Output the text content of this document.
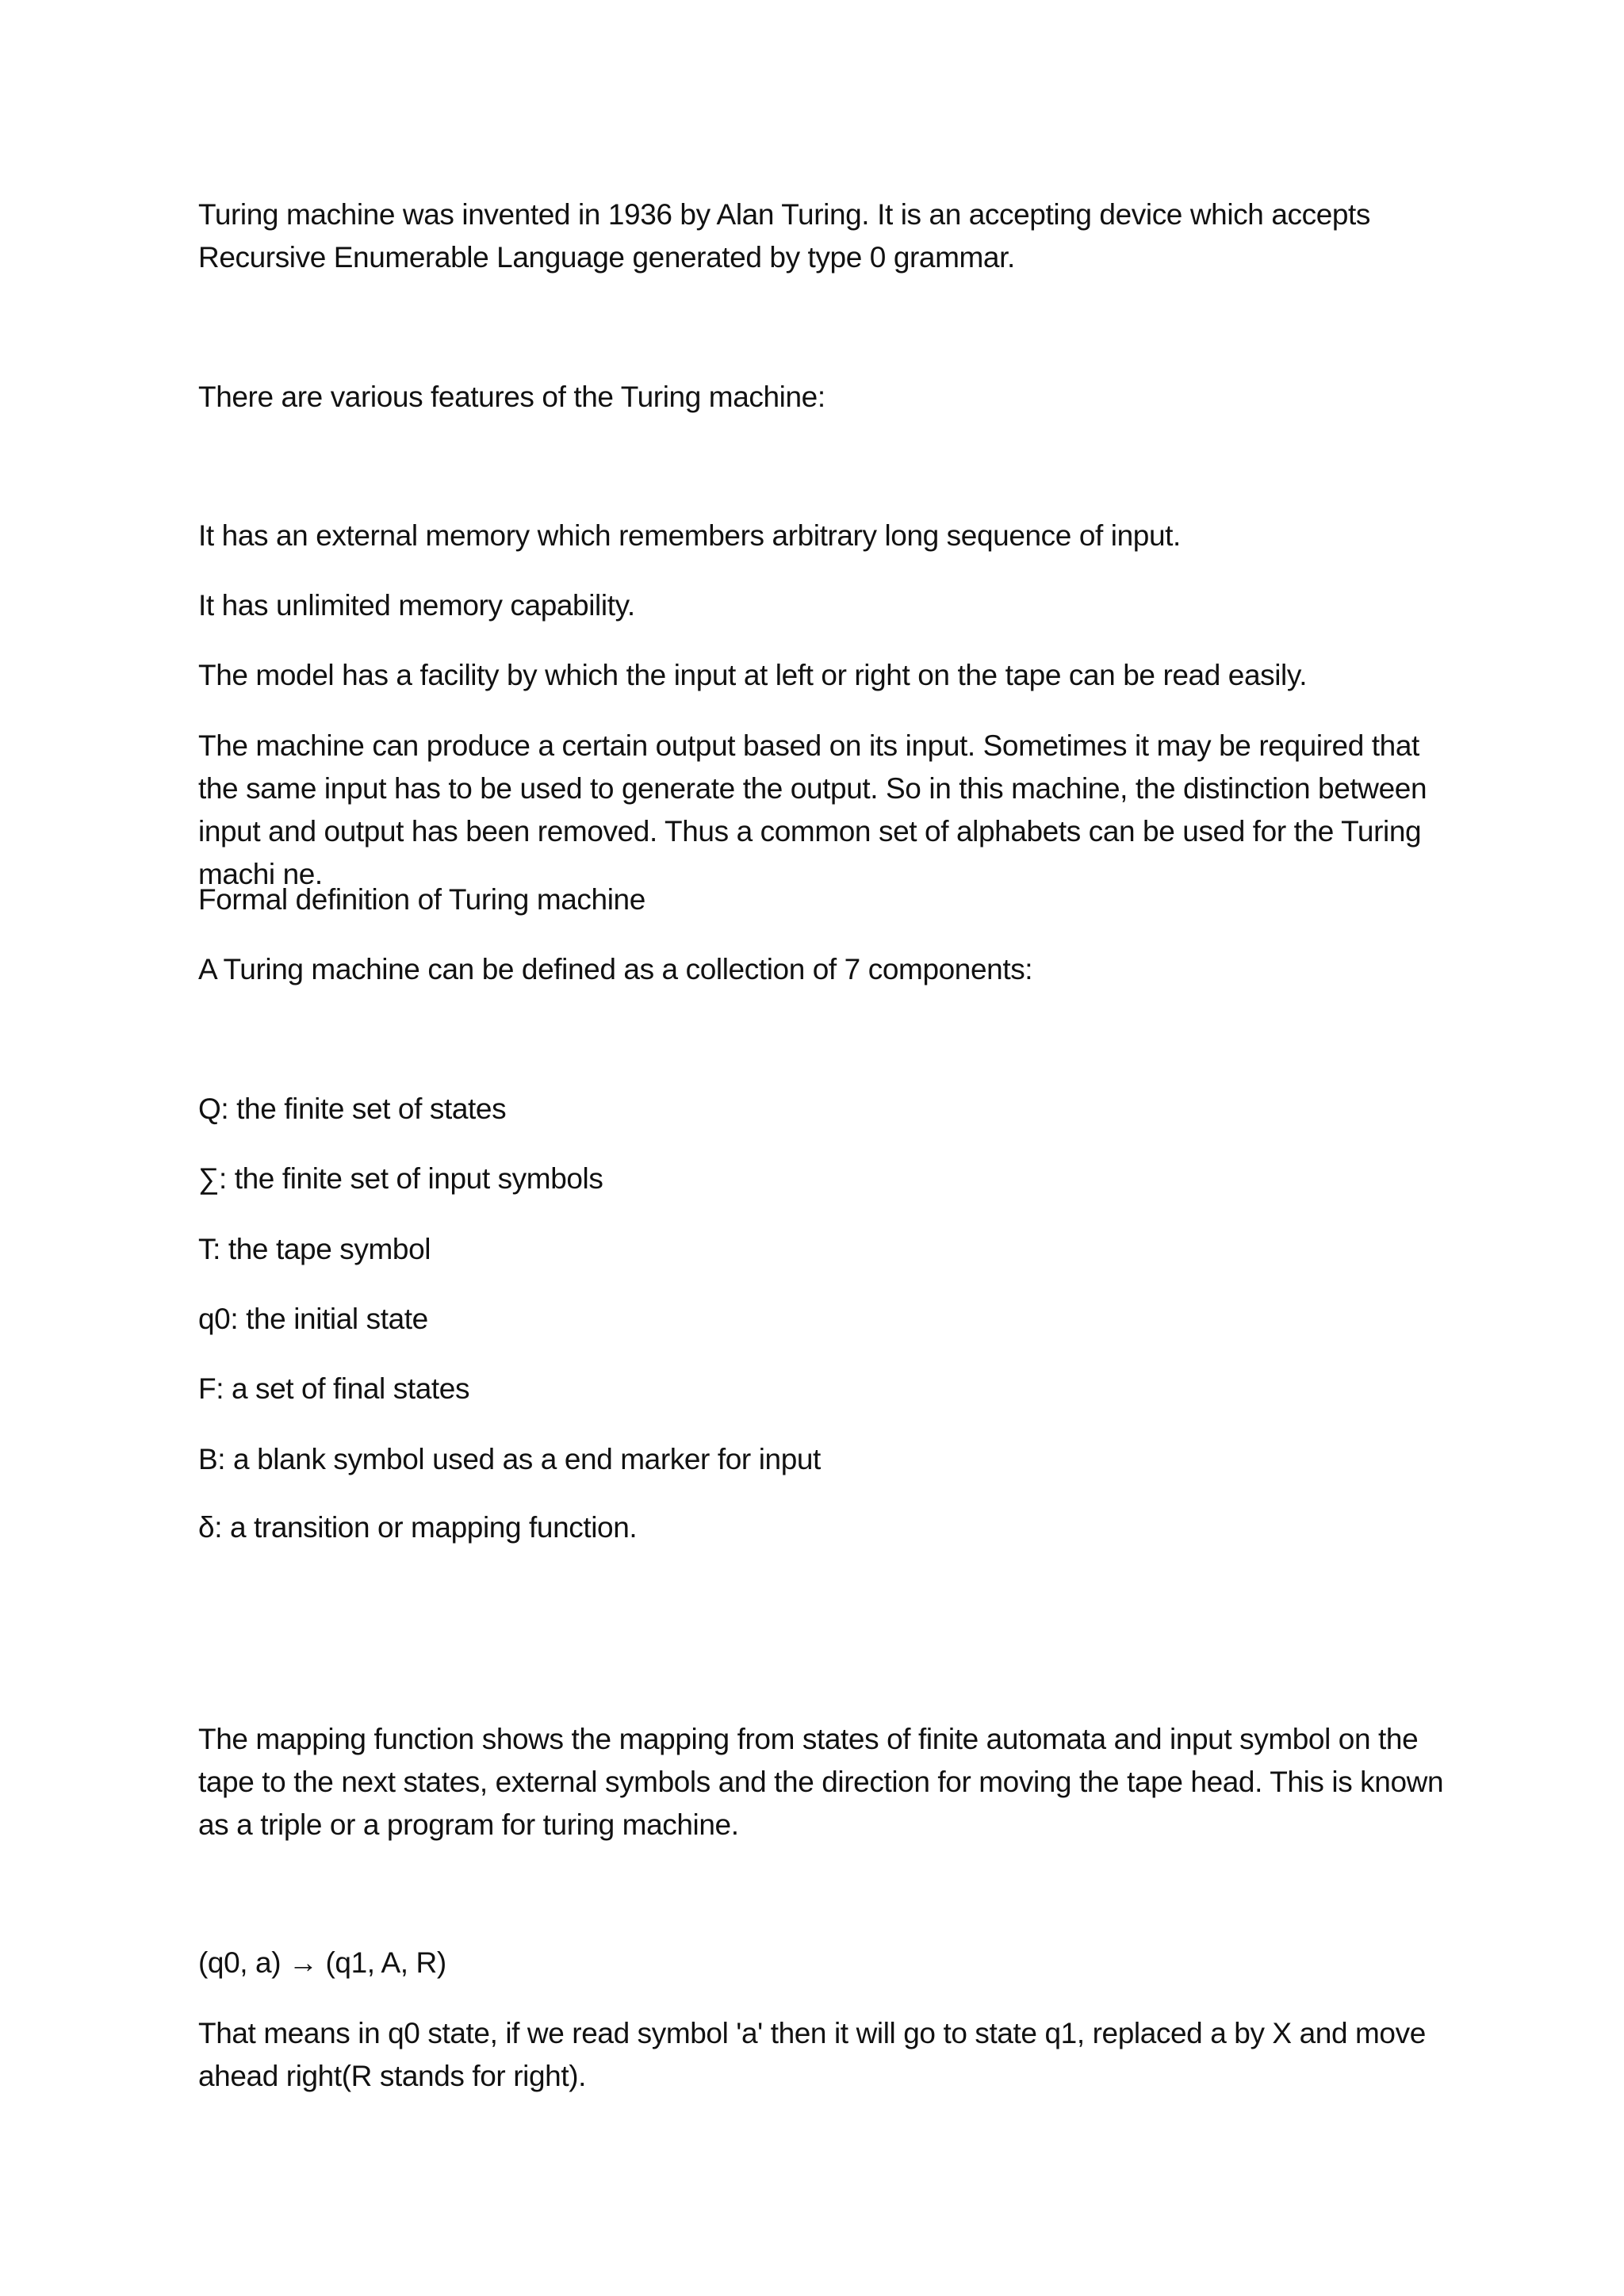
Turing machine was invented in 1936 by Alan Turing. It is an accepting device which accepts Recursive Enumerable Language generated by type 0 grammar.

There are various features of the Turing machine:

It has an external memory which remembers arbitrary long sequence of input.

It has unlimited memory capability.

The model has a facility by which the input at left or right on the tape can be read easily.

The machine can produce a certain output based on its input. Sometimes it may be required that the same input has to be used to generate the output. So in this machine, the distinction between input and output has been removed. Thus a common set of alphabets can be used for the Turing machi ne.

Formal definition of Turing machine

A Turing machine can be defined as a collection of 7 components:

Q: the finite set of states

∑: the finite set of input symbols

T: the tape symbol

q0: the initial state

F: a set of final states

B: a blank symbol used as a end marker for input

δ: a transition or mapping function.

The mapping function shows the mapping from states of finite automata and input symbol on the tape to the next states, external symbols and the direction for moving the tape head. This is known as a triple or a program for turing machine.

(q0, a) → (q1, A, R)

That means in q0 state, if we read symbol 'a' then it will go to state q1, replaced a by X and move ahead right(R stands for right).
